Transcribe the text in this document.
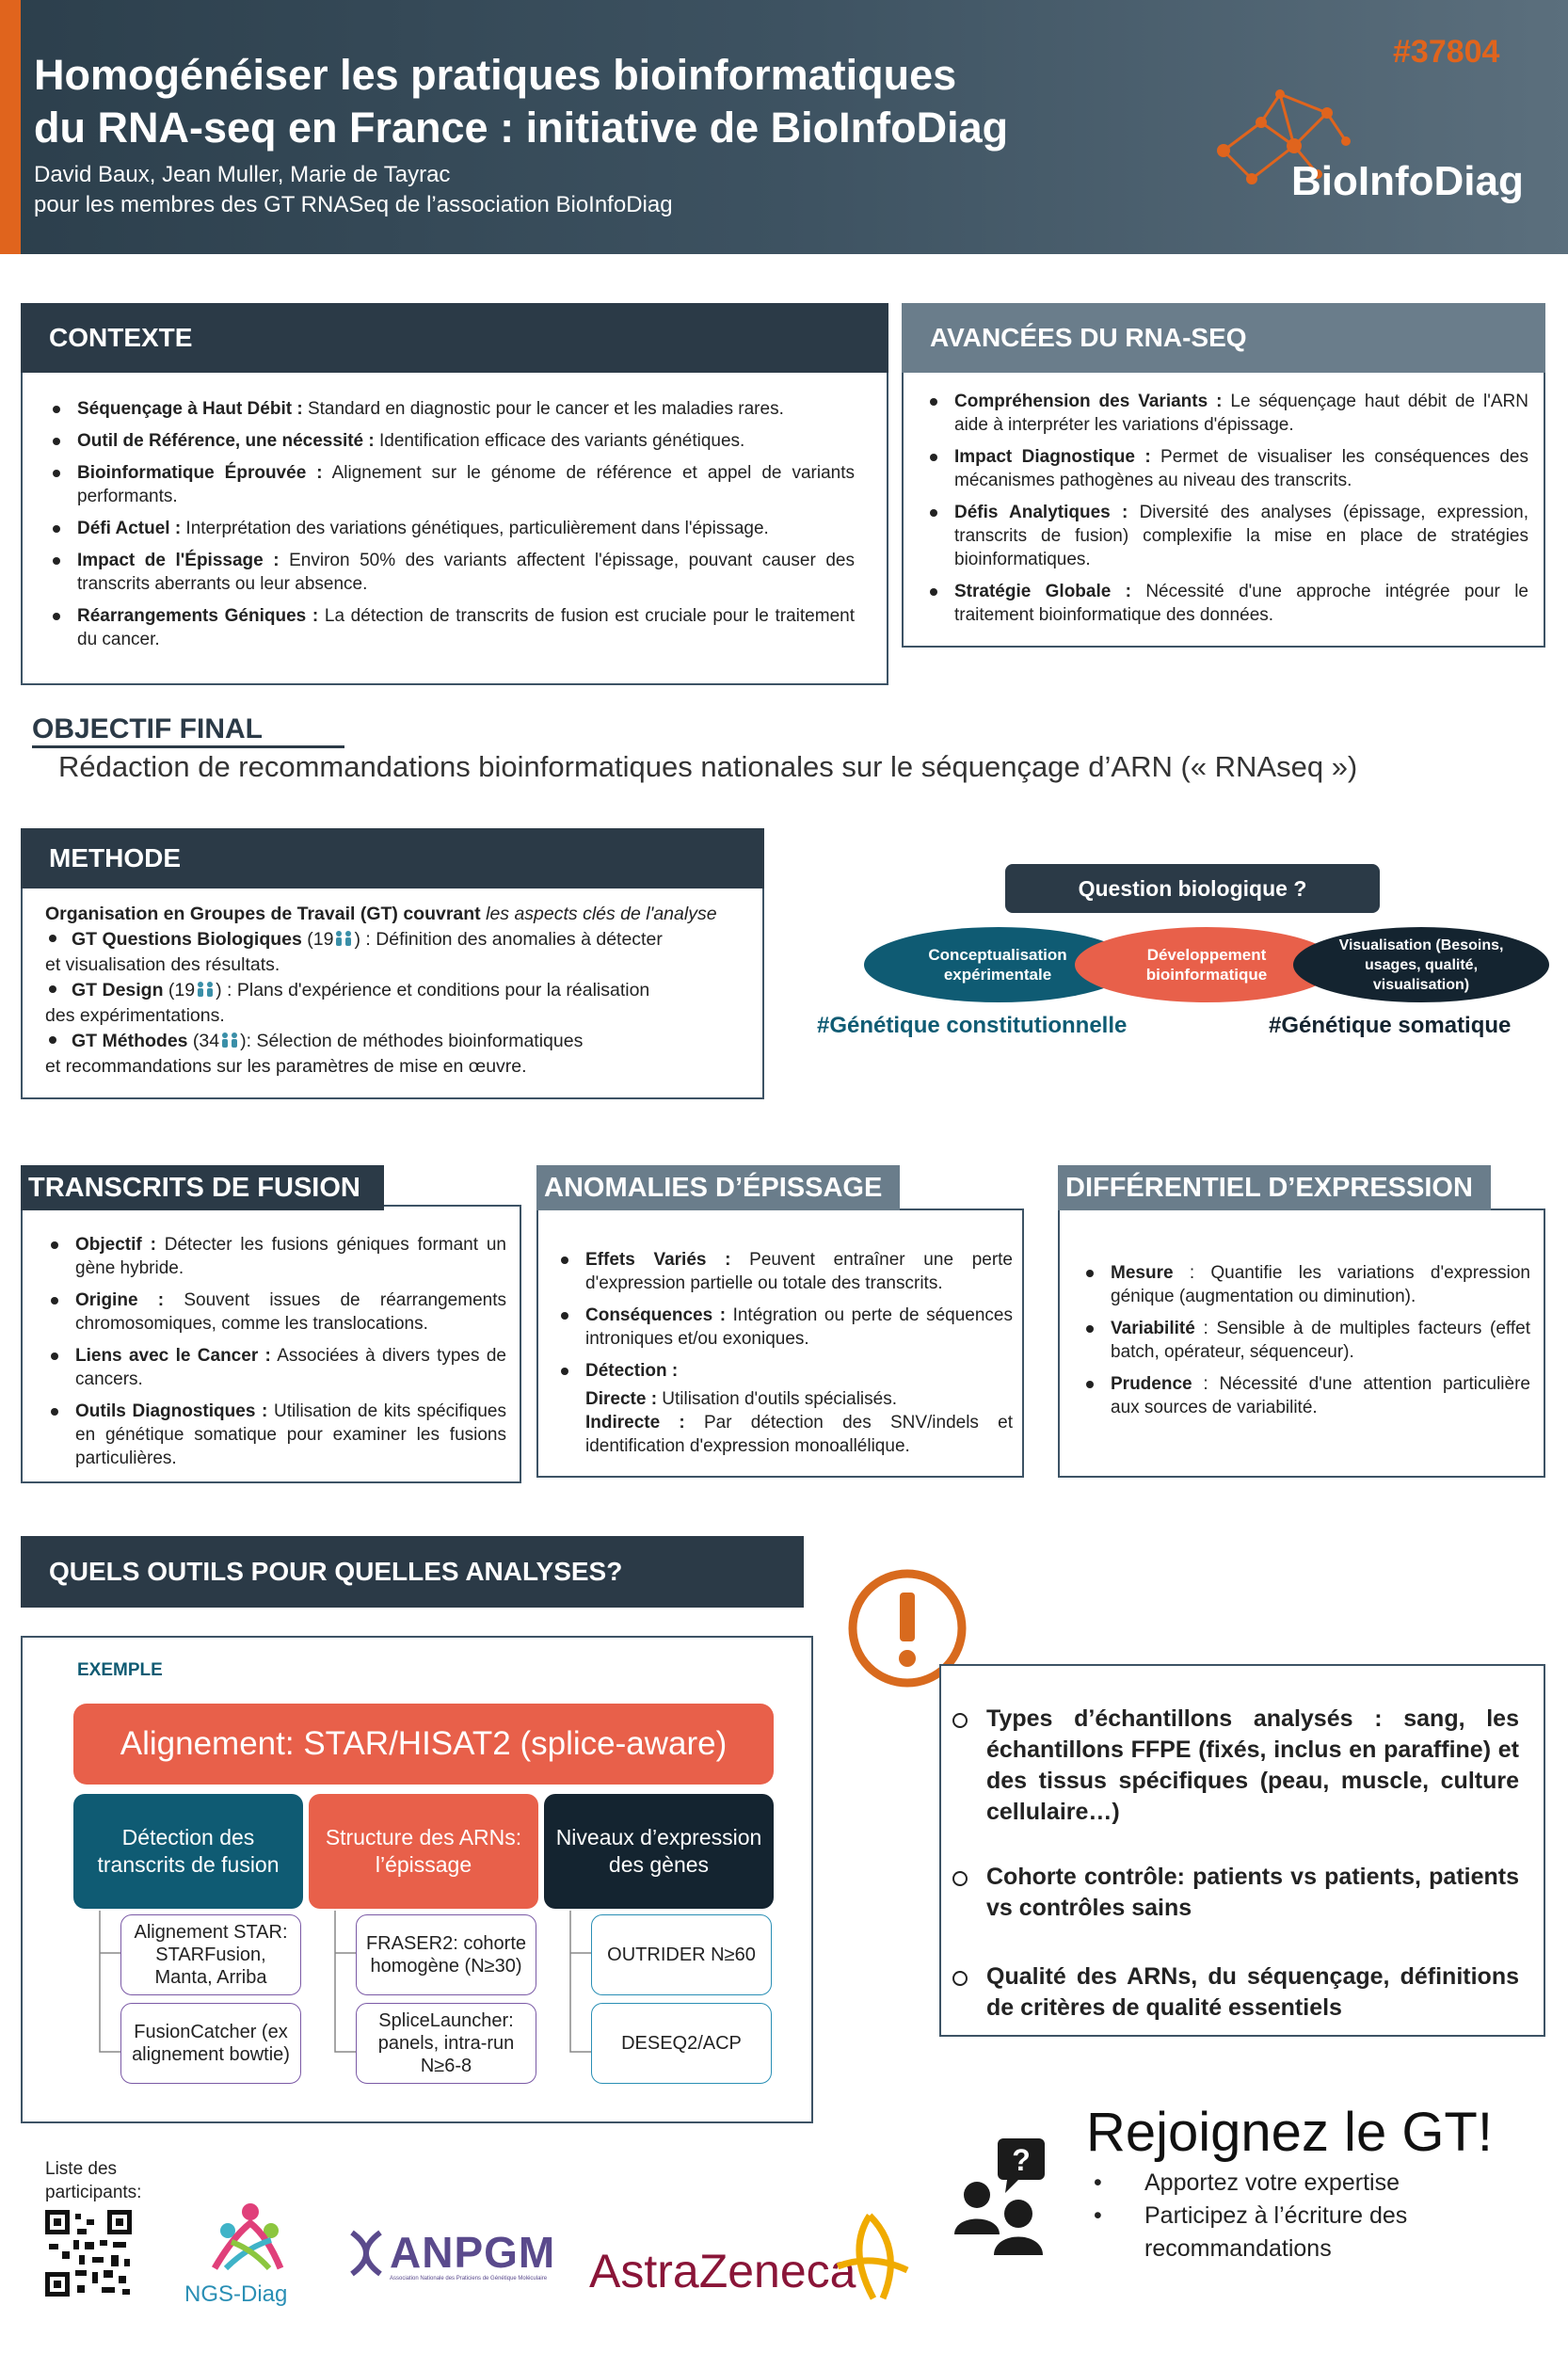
Homogénéiser les pratiques bioinformatiques
du RNA-seq en France : initiative de BioInfoDiag
David Baux, Jean Muller, Marie de Tayrac
pour les membres des GT RNASeq de l’association BioInfoDiag
#37804
BioInfoDiag
Séquençage à Haut Débit : Standard en diagnostic pour le cancer et les maladies rares.
Outil de Référence, une nécessité : Identification efficace des variants génétiques.
Bioinformatique Éprouvée : Alignement sur le génome de référence et appel de variants performants.
Défi Actuel : Interprétation des variations génétiques, particulièrement dans l'épissage.
Impact de l'Épissage : Environ 50% des variants affectent l'épissage, pouvant causer des transcrits aberrants ou leur absence.
Réarrangements Géniques : La détection de transcrits de fusion est cruciale pour le traitement du cancer.
CONTEXTE
Compréhension des Variants : Le séquençage haut débit de l'ARN aide à interpréter les variations d'épissage.
Impact Diagnostique : Permet de visualiser les conséquences des mécanismes pathogènes au niveau des transcrits.
Défis Analytiques : Diversité des analyses (épissage, expression, transcrits de fusion) complexifie la mise en place de stratégies bioinformatiques.
Stratégie Globale : Nécessité d'une approche intégrée pour le traitement bioinformatique des données.
AVANCÉES DU RNA-SEQ
OBJECTIF FINAL
Rédaction de recommandations bioinformatiques nationales sur le séquençage d’ARN (« RNAseq »)
Organisation en Groupes de Travail (GT) couvrant les aspects clés de l'analyse
GT Questions Biologiques (19 ) : Définition des anomalies à détecter
et visualisation des résultats.
GT Design (19 ) : Plans d'expérience et conditions pour la réalisation
des expérimentations.
GT Méthodes (34 ): Sélection de méthodes bioinformatiques
et recommandations sur les paramètres de mise en œuvre.
METHODE
Question biologique ?
Conceptualisation expérimentale
Développement bioinformatique
Visualisation (Besoins, usages, qualité, visualisation)
#Génétique constitutionnelle	#Génétique somatique
Objectif : Détecter les fusions géniques formant un gène hybride.
Origine : Souvent issues de réarrangements chromosomiques, comme les translocations.
Liens avec le Cancer : Associées à divers types de cancers.
Outils Diagnostiques : Utilisation de kits spécifiques en génétique somatique pour examiner les fusions particulières.
TRANSCRITS DE FUSION
Effets Variés : Peuvent entraîner une perte d'expression partielle ou totale des transcrits.
Conséquences : Intégration ou perte de séquences introniques et/ou exoniques.
Détection :
Directe : Utilisation d'outils spécialisés.
Indirecte : Par détection des SNV/indels et identification d'expression monoallélique.
ANOMALIES D’ÉPISSAGE
Mesure : Quantifie les variations d'expression génique (augmentation ou diminution).
Variabilité : Sensible à de multiples facteurs (effet batch, opérateur, séquenceur).
Prudence : Nécessité d'une attention particulière aux sources de variabilité.
DIFFÉRENTIEL D’EXPRESSION
QUELS OUTILS POUR QUELLES ANALYSES?
EXEMPLE
Alignement: STAR/HISAT2 (splice-aware)
Détection des transcrits de fusion
Alignement STAR: STARFusion, Manta, Arriba
FusionCatcher (ex alignement bowtie)
Structure des ARNs: l’épissage
FRASER2: cohorte homogène (N≥30)
SpliceLauncher: panels, intra-run N≥6-8
Niveaux d’expression des gènes
OUTRIDER N≥60
DESEQ2/ACP
Types d’échantillons analysés : sang, les échantillons FFPE (fixés, inclus en paraffine) et des tissus spécifiques (peau, muscle, culture cellulaire…)
Cohorte contrôle: patients vs patients, patients vs contrôles sains
Qualité des ARNs, du séquençage, définitions de critères de qualité essentiels
? Rejoignez le GT!
• Apportez votre expertise
• Participez à l’écriture des recommandations
Liste des participants:
NGS-Diag
ANPGM
Association Nationale des Praticiens de Génétique Moléculaire AstraZeneca
